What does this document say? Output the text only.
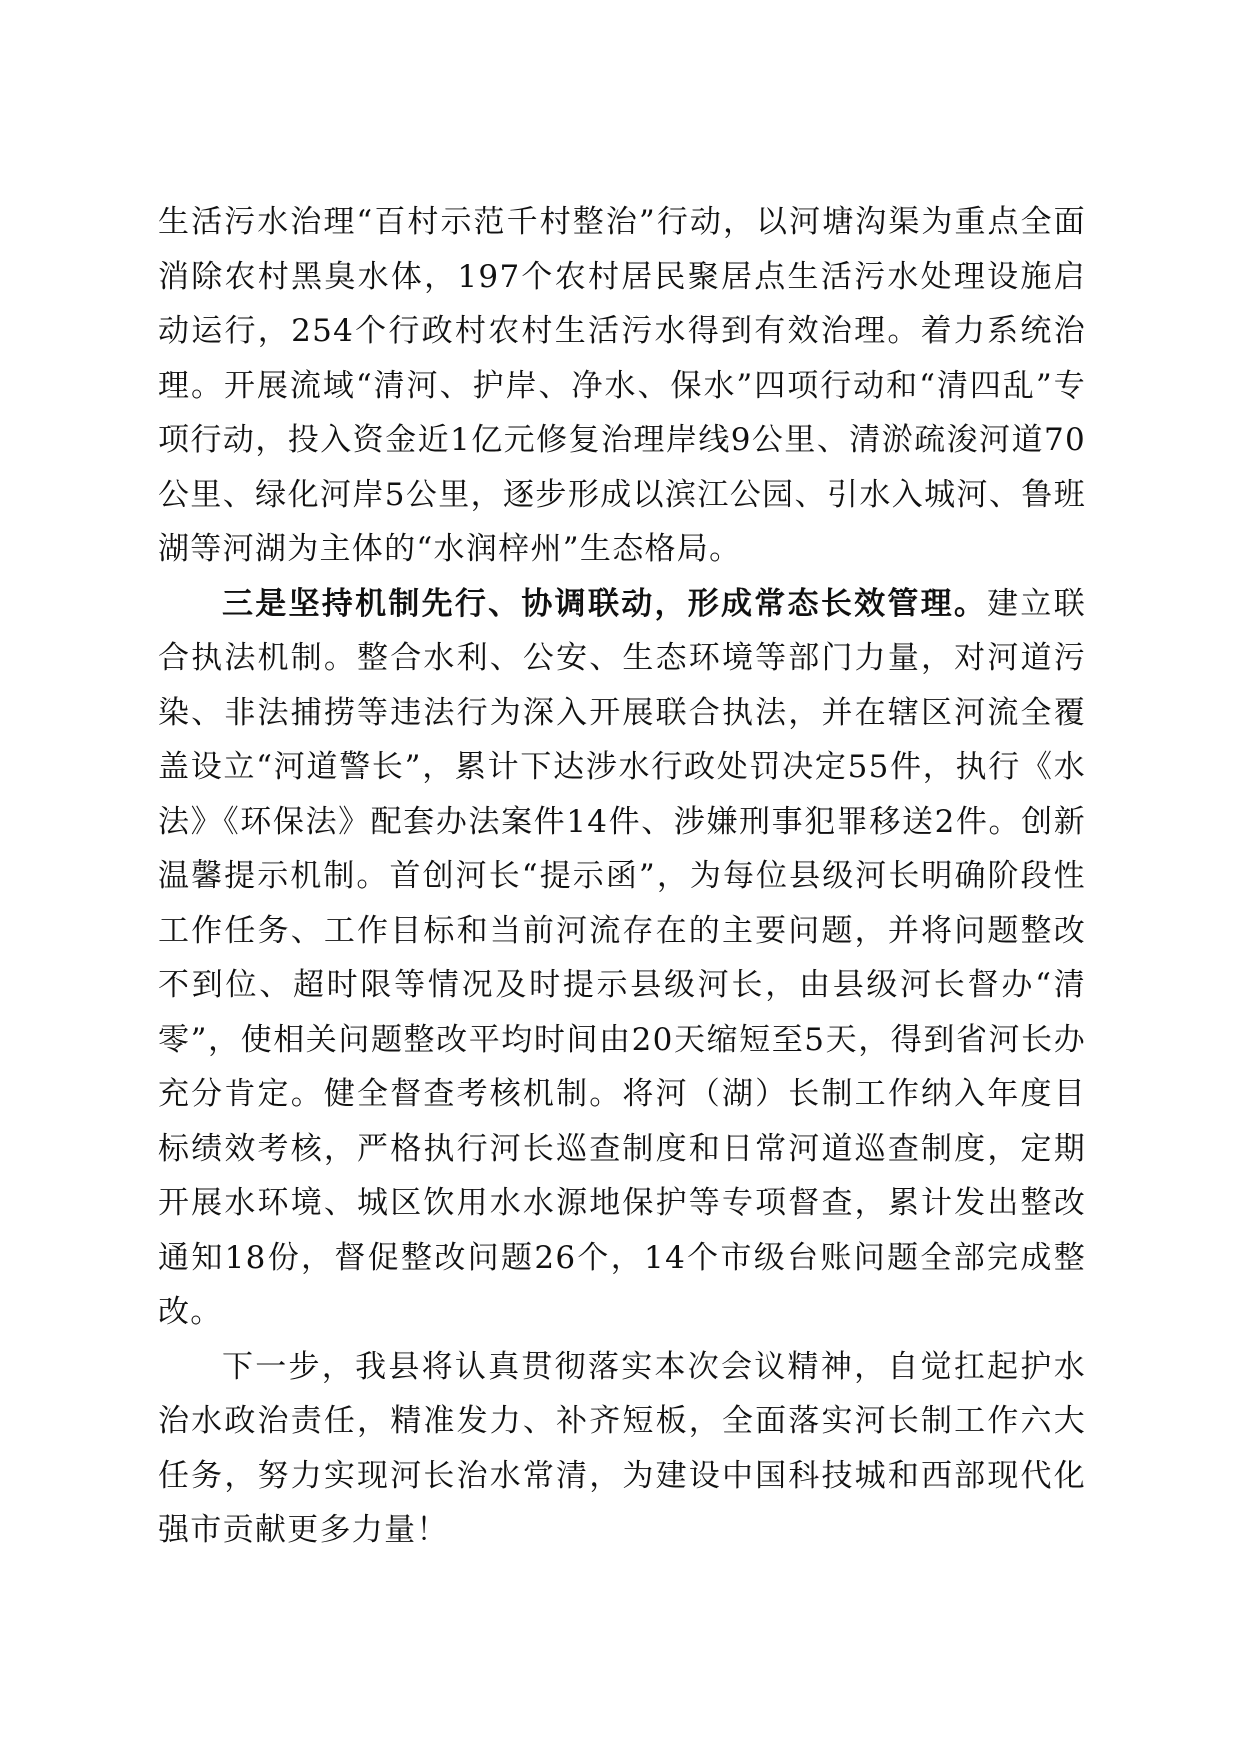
生活污水治理“百村示范千村整治”行动，以河塘沟渠为重点全面消除农村黑臭水体，197个农村居民聚居点生活污水处理设施启动运行，254个行政村农村生活污水得到有效治理。着力系统治理。开展流域“清河、护岸、净水、保水”四项行动和“清四乱”专项行动，投入资金近1亿元修复治理岸线9公里、清淤疏浚河道70公里、绿化河岸5公里，逐步形成以滨江公园、引水入城河、鲁班湖等河湖为主体的“水润梓州”生态格局。

三是坚持机制先行、协调联动，形成常态长效管理。建立联合执法机制。整合水利、公安、生态环境等部门力量，对河道污染、非法捕捞等违法行为深入开展联合执法，并在辖区河流全覆盖设立“河道警长”，累计下达涉水行政处罚决定55件，执行《水法》《环保法》配套办法案件14件、涉嫌刑事犯罪移送2件。创新温馨提示机制。首创河长“提示函”，为每位县级河长明确阶段性工作任务、工作目标和当前河流存在的主要问题，并将问题整改不到位、超时限等情况及时提示县级河长，由县级河长督办“清零”，使相关问题整改平均时间由20天缩短至5天，得到省河长办充分肯定。健全督查考核机制。将河（湖）长制工作纳入年度目标绩效考核，严格执行河长巡查制度和日常河道巡查制度，定期开展水环境、城区饮用水水源地保护等专项督查，累计发出整改通知18份，督促整改问题26个，14个市级台账问题全部完成整改。

下一步，我县将认真贯彻落实本次会议精神，自觉扛起护水治水政治责任，精准发力、补齐短板，全面落实河长制工作六大任务，努力实现河长治水常清，为建设中国科技城和西部现代化强市贡献更多力量！
